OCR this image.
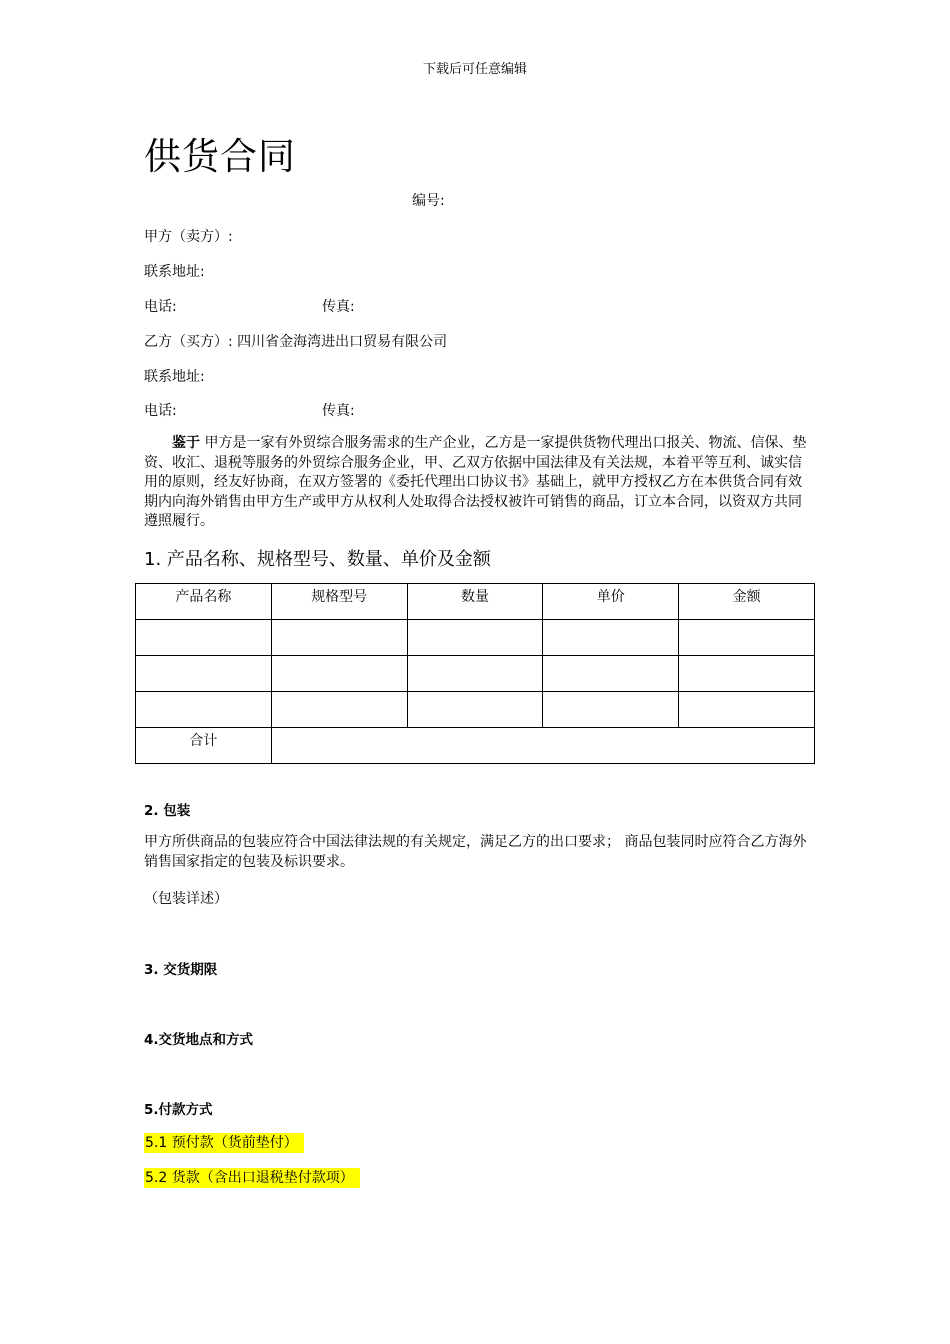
下载后可任意编辑
供货合同
编号:
甲方（卖方）:
联系地址:
电话:	传真:
乙方（买方）: 四川省金海湾进出口贸易有限公司
联系地址:
电话:	传真:
鉴于 甲方是一家有外贸综合服务需求的生产企业，乙方是一家提供货物代理出口报关、物流、信保、垫资、收汇、退税等服务的外贸综合服务企业，甲、乙双方依据中国法律及有关法规，本着平等互利、诚实信用的原则，经友好协商，在双方签署的《委托代理出口协议书》基础上，就甲方授权乙方在本供货合同有效期内向海外销售由甲方生产或甲方从权利人处取得合法授权被许可销售的商品，订立本合同，以资双方共同遵照履行。
1. 产品名称、规格型号、数量、单价及金额
产品名称	规格型号	数量	单价	金额

合计				
2. 包装
甲方所供商品的包装应符合中国法律法规的有关规定，满足乙方的出口要求； 商品包装同时应符合乙方海外销售国家指定的包装及标识要求。
（包装详述）
3. 交货期限
4.交货地点和方式
5.付款方式
5.1 预付款（货前垫付）
5.2 货款（含出口退税垫付款项）
